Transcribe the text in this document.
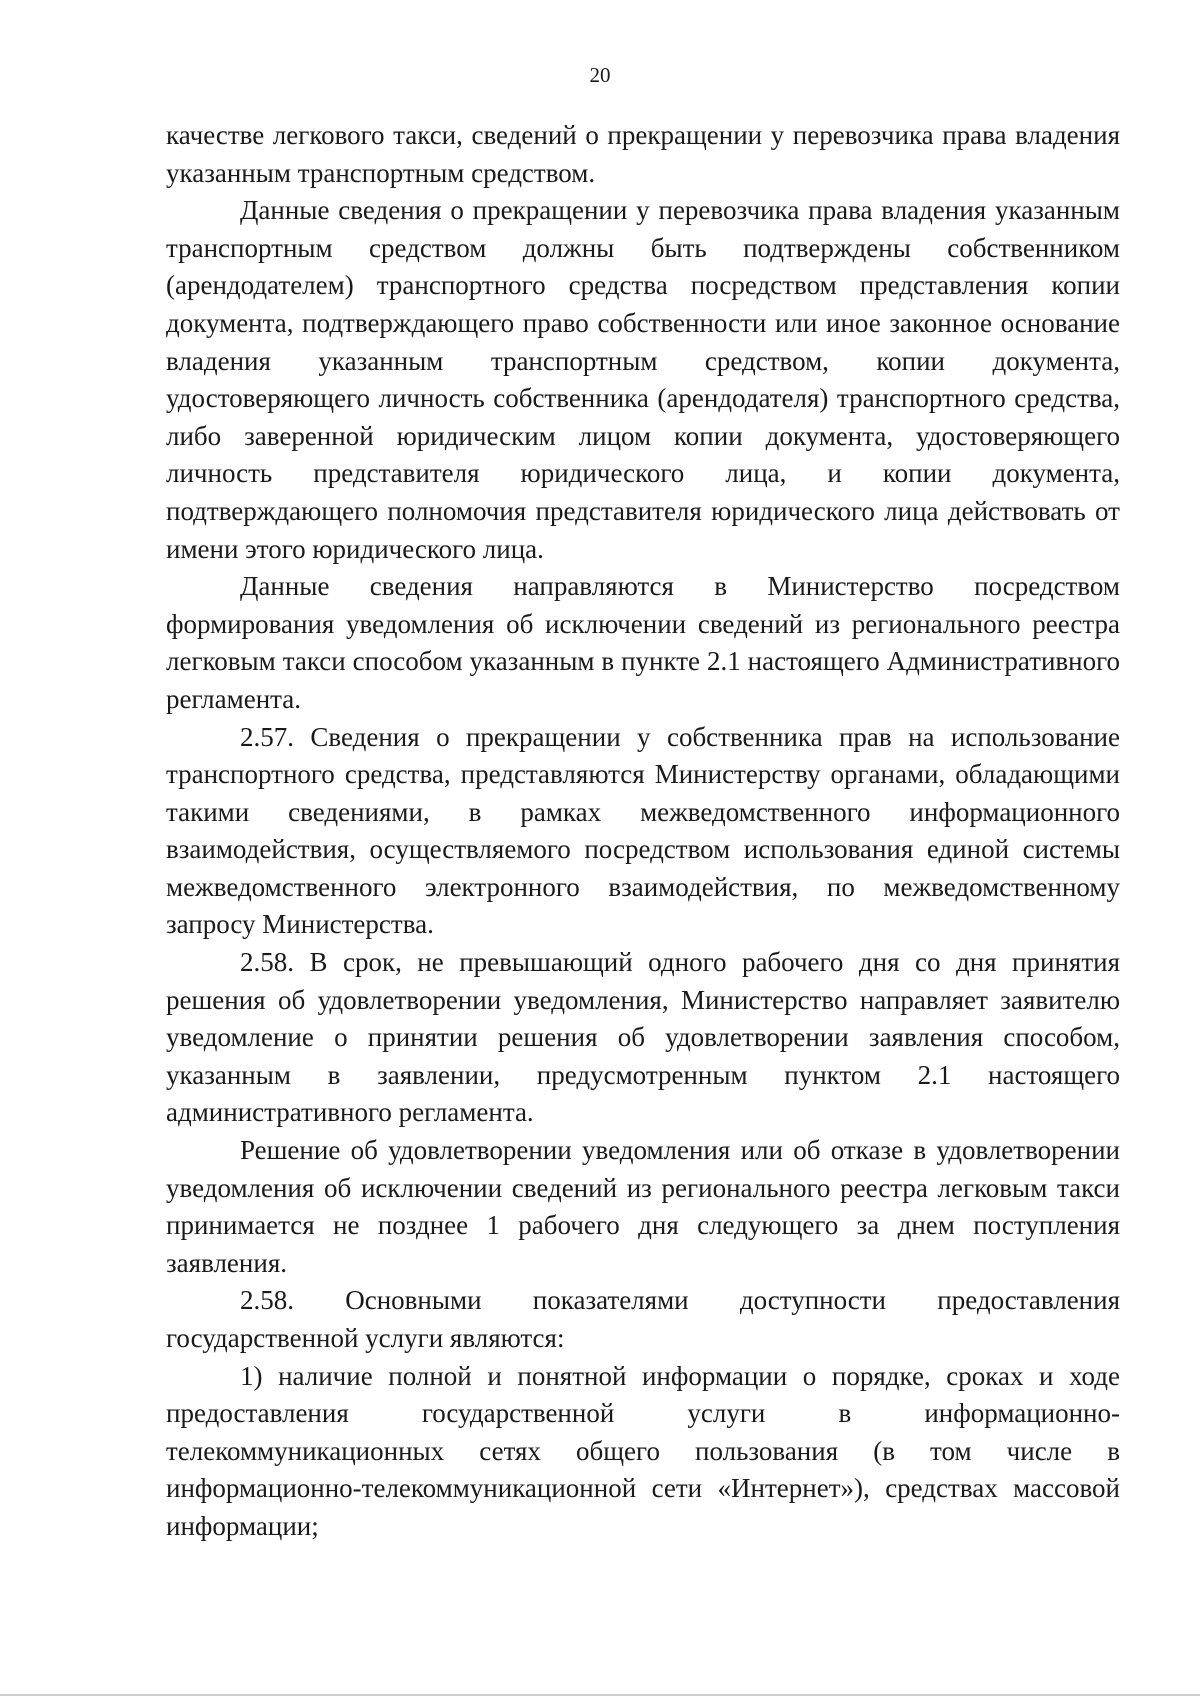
20

качестве легкового такси, сведений о прекращении у перевозчика права владения указанным транспортным средством.

Данные сведения о прекращении у перевозчика права владения указанным транспортным средством должны быть подтверждены собственником (арендодателем) транспортного средства посредством представления копии документа, подтверждающего право собственности или иное законное основание владения указанным транспортным средством, копии документа, удостоверяющего личность собственника (арендодателя) транспортного средства, либо заверенной юридическим лицом копии документа, удостоверяющего личность представителя юридического лица, и копии документа, подтверждающего полномочия представителя юридического лица действовать от имени этого юридического лица.

Данные сведения направляются в Министерство посредством формирования уведомления об исключении сведений из регионального реестра легковым такси способом указанным в пункте 2.1 настоящего Административного регламента.

2.57. Сведения о прекращении у собственника прав на использование транспортного средства, представляются Министерству органами, обладающими такими сведениями, в рамках межведомственного информационного взаимодействия, осуществляемого посредством использования единой системы межведомственного электронного взаимодействия, по межведомственному запросу Министерства.

2.58. В срок, не превышающий одного рабочего дня со дня принятия решения об удовлетворении уведомления, Министерство направляет заявителю уведомление о принятии решения об удовлетворении заявления способом, указанным в заявлении, предусмотренным пунктом 2.1 настоящего административного регламента.

Решение об удовлетворении уведомления или об отказе в удовлетворении уведомления об исключении сведений из регионального реестра легковым такси принимается не позднее 1 рабочего дня следующего за днем поступления заявления.

2.58. Основными показателями доступности предоставления государственной услуги являются:

1) наличие полной и понятной информации о порядке, сроках и ходе предоставления государственной услуги в информационно-телекоммуникационных сетях общего пользования (в том числе в информационно-телекоммуникационной сети «Интернет»), средствах массовой информации;
